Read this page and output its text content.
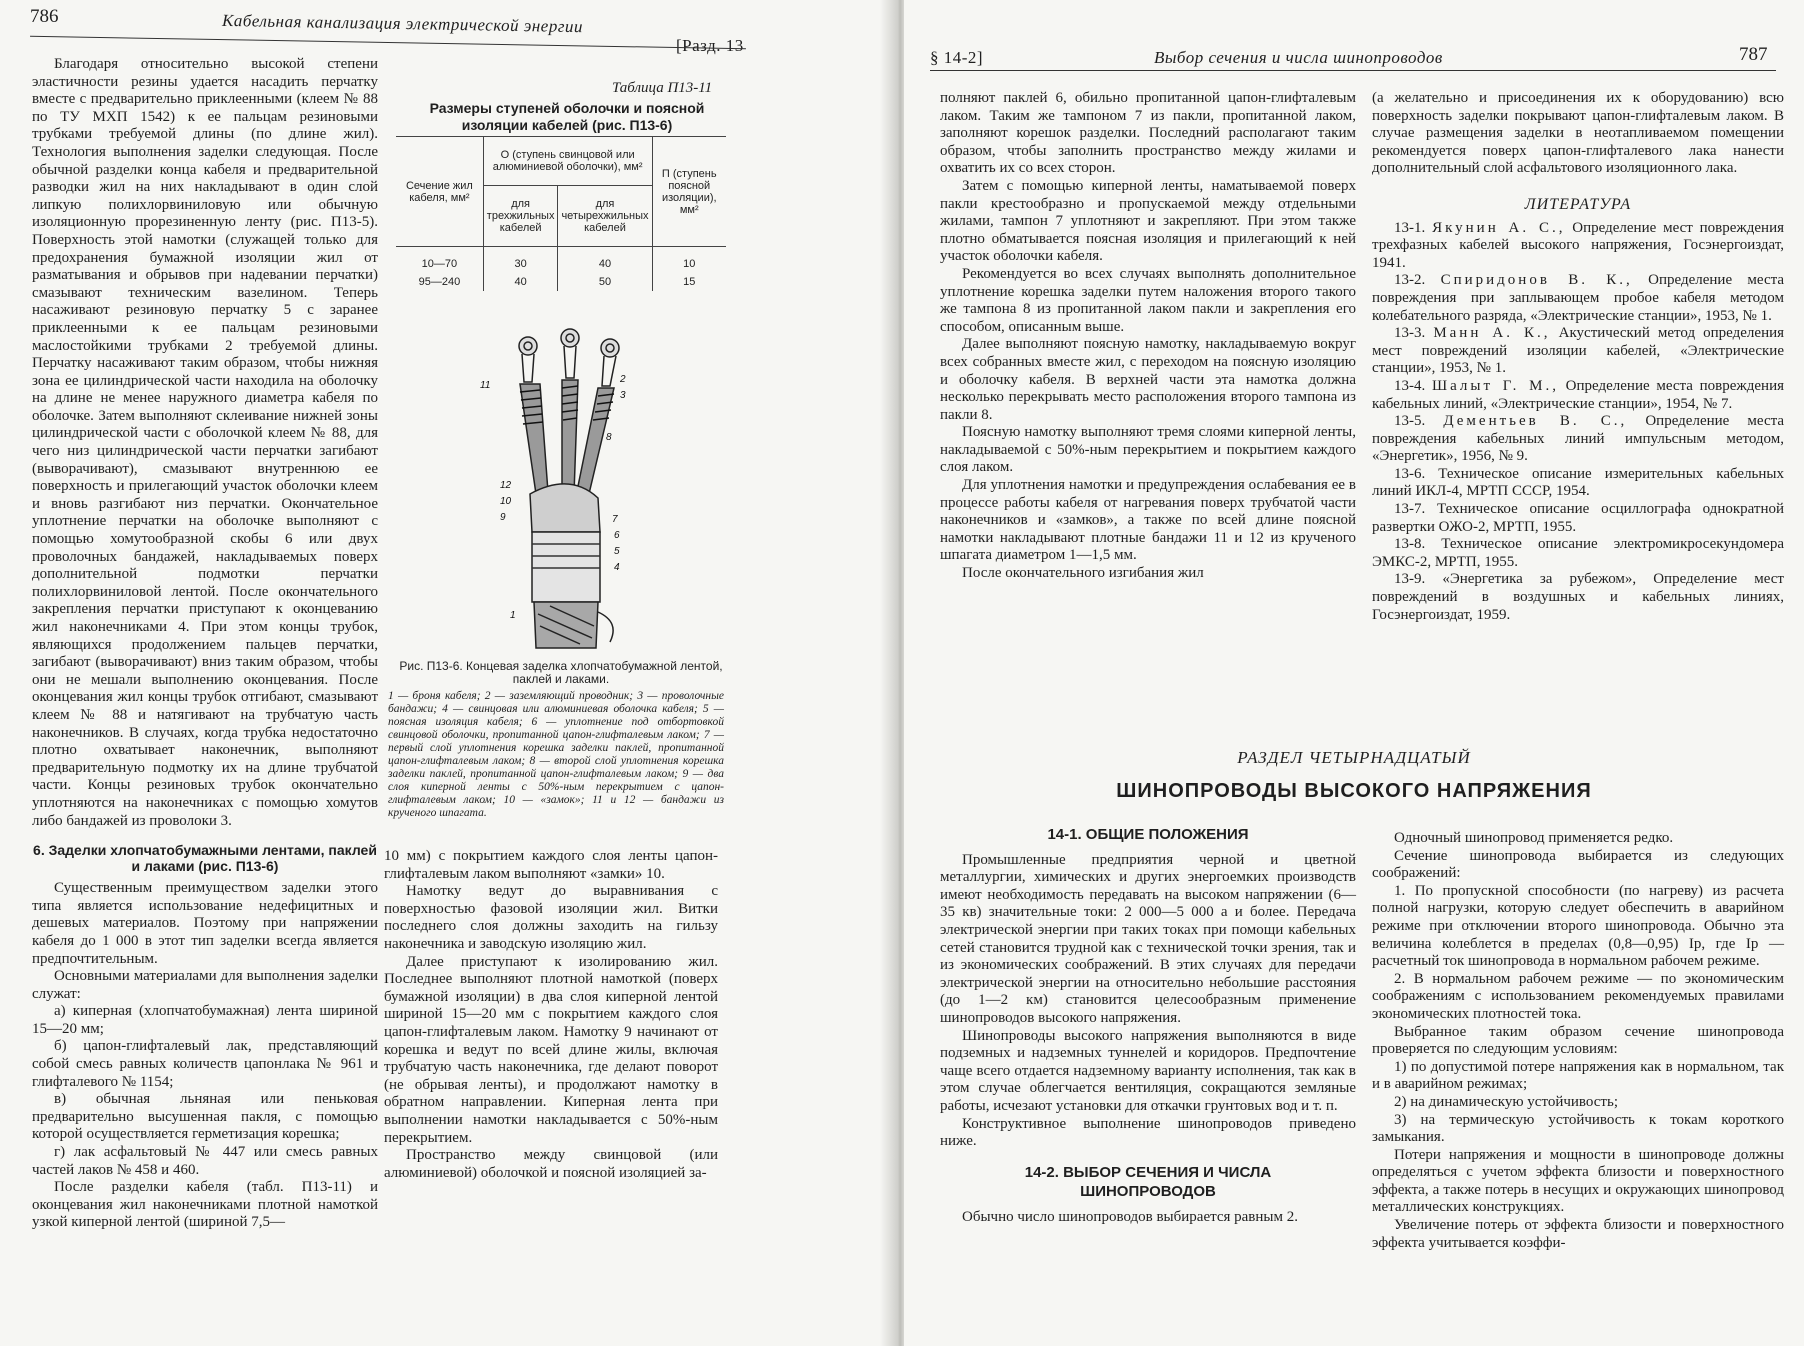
786	Кабельная канализация электрической энергии
[Разд. 13

Благодаря относительно высокой степени эластичности резины удается насадить перчатку вместе с предварительно приклеенными (клеем № 88 по ТУ МХП 1542) к ее пальцам резиновыми трубками требуемой длины (по длине жил). Технология выполнения заделки следующая. После обычной разделки конца кабеля и предварительной разводки жил на них накладывают в один слой липкую полихлорвиниловую или обычную изоляционную прорезиненную ленту (рис. П13-5). Поверхность этой намотки (служащей только для предохранения бумажной изоляции жил от разматывания и обрывов при надевании перчатки) смазывают техническим вазелином. Теперь насаживают резиновую перчатку 5 с заранее приклеенными к ее пальцам резиновыми маслостойкими трубками 2 требуемой длины. Перчатку насаживают таким образом, чтобы нижняя зона ее цилиндрической части находила на оболочку на длине не менее наружного диаметра кабеля по оболочке. Затем выполняют склеивание нижней зоны цилиндрической части с оболочкой клеем № 88, для чего низ цилиндрической части перчатки загибают (выворачивают), смазывают внутреннюю ее поверхность и прилегающий участок оболочки клеем и вновь разгибают низ перчатки. Окончательное уплотнение перчатки на оболочке выполняют с помощью хомутообразной скобы 6 или двух проволочных бандажей, накладываемых поверх дополнительной подмотки перчатки полихлорвиниловой лентой. После окончательного закрепления перчатки приступают к оконцеванию жил наконечниками 4. При этом концы трубок, являющихся продолжением пальцев перчатки, загибают (выворачивают) вниз таким образом, чтобы они не мешали выполнению оконцевания. После оконцевания жил концы трубок отгибают, смазывают клеем № 88 и натягивают на трубчатую часть наконечников. В случаях, когда трубка недостаточно плотно охватывает наконечник, выполняют предварительную подмотку их на длине трубчатой части. Концы резиновых трубок окончательно уплотняются на наконечниках с помощью хомутов либо бандажей из проволоки 3.

6. Заделки хлопчатобумажными лентами, паклей и лаками (рис. П13-6)

Существенным преимуществом заделки этого типа является использование недефицитных и дешевых материалов. Поэтому при напряжении кабеля до 1 000 в этот тип заделки всегда является предпочтительным.

Основными материалами для выполнения заделки служат:

а) киперная (хлопчатобумажная) лента шириной 15—20 мм;

б) цапон-глифталевый лак, представляющий собой смесь равных количеств цапонлака № 961 и глифталевого № 1154;

в) обычная льняная или пеньковая предварительно высушенная пакля, с помощью которой осуществляется герметизация корешка;

г) лак асфальтовый № 447 или смесь равных частей лаков № 458 и 460.

После разделки кабеля (табл. П13-11) и оконцевания жил наконечниками плотной намоткой узкой киперной лентой (шириной 7,5—

Таблица П13-11
Размеры ступеней оболочки и поясной изоляции кабелей (рис. П13-6)
Сечение жил кабеля, мм²	О (ступень свинцовой или алюминиевой оболочки), мм²		П (ступень поясной изоляции), мм²
	для трехжильных кабелей	для четырехжильных кабелей	
10—70	30	40	10
95—240	40	50	15
11
2
3
12
10
9
8
7
6
5
4
1
Рис. П13-6. Концевая заделка хлопчатобумажной лентой, паклей и лаками.
1 — броня кабеля; 2 — заземляющий проводник; 3 — проволочные бандажи; 4 — свинцовая или алюминиевая оболочка кабеля; 5 — поясная изоляция кабеля; 6 — уплотнение под отбортовкой свинцовой оболочки, пропитанной цапон-глифталевым лаком; 7 — первый слой уплотнения корешка заделки паклей, пропитанной цапон-глифталевым лаком; 8 — второй слой уплотнения корешка заделки паклей, пропитанной цапон-глифталевым лаком; 9 — два слоя киперной ленты с 50%-ным перекрытием с цапон-глифталевым лаком; 10 — «замок»; 11 и 12 — бандажи из крученого шпагата.

10 мм) с покрытием каждого слоя ленты цапон-глифталевым лаком выполняют «замки» 10.

Намотку ведут до выравнивания с поверхностью фазовой изоляции жил. Витки последнего слоя должны заходить на гильзу наконечника и заводскую изоляцию жил.

Далее приступают к изолированию жил. Последнее выполняют плотной намоткой (поверх бумажной изоляции) в два слоя киперной лентой шириной 15—20 мм с покрытием каждого слоя цапон-глифталевым лаком. Намотку 9 начинают от корешка и ведут по всей длине жилы, включая трубчатую часть наконечника, где делают поворот (не обрывая ленты), и продолжают намотку в обратном направлении. Киперная лента при выполнении намотки накладывается с 50%-ным перекрытием.

Пространство между свинцовой (или алюминиевой) оболочкой и поясной изоляцией за-

§ 14-2]	Выбор сечения и числа шинопроводов	787

полняют паклей 6, обильно пропитанной цапон-глифталевым лаком. Таким же тампоном 7 из пакли, пропитанной лаком, заполняют корешок разделки. Последний располагают таким образом, чтобы заполнить пространство между жилами и охватить их со всех сторон.

Затем с помощью киперной ленты, наматываемой поверх пакли крестообразно и пропускаемой между отдельными жилами, тампон 7 уплотняют и закрепляют. При этом также плотно обматывается поясная изоляция и прилегающий к ней участок оболочки кабеля.

Рекомендуется во всех случаях выполнять дополнительное уплотнение корешка заделки путем наложения второго такого же тампона 8 из пропитанной лаком пакли и закрепления его способом, описанным выше.

Далее выполняют поясную намотку, накладываемую вокруг всех собранных вместе жил, с переходом на поясную изоляцию и оболочку кабеля. В верхней части эта намотка должна несколько перекрывать место расположения второго тампона из пакли 8.

Поясную намотку выполняют тремя слоями киперной ленты, накладываемой с 50%-ным перекрытием и покрытием каждого слоя лаком.

Для уплотнения намотки и предупреждения ослабевания ее в процессе работы кабеля от нагревания поверх трубчатой части наконечников и «замков», а также по всей длине поясной намотки накладывают плотные бандажи 11 и 12 из крученого шпагата диаметром 1—1,5 мм.

После окончательного изгибания жил

(а желательно и присоединения их к оборудованию) всю поверхность заделки покрывают цапон-глифталевым лаком. В случае размещения заделки в неотапливаемом помещении рекомендуется поверх цапон-глифталевого лака нанести дополнительный слой асфальтового изоляционного лака.

ЛИТЕРАТУРА

13-1. Якунин А. С., Определение мест повреждения трехфазных кабелей высокого напряжения, Госэнергоиздат, 1941.

13-2. Спиридонов В. К., Определение места повреждения при заплывающем пробое кабеля методом колебательного разряда, «Электрические станции», 1953, № 1.

13-3. Манн А. К., Акустический метод определения мест повреждений изоляции кабелей, «Электрические станции», 1953, № 1.

13-4. Шалыт Г. М., Определение места повреждения кабельных линий, «Электрические станции», 1954, № 7.

13-5. Дементьев В. С., Определение места повреждения кабельных линий импульсным методом, «Энергетик», 1956, № 9.

13-6. Техническое описание измерительных кабельных линий ИКЛ-4, МРТП СССР, 1954.

13-7. Техническое описание осциллографа однократной развертки ОЖО-2, МРТП, 1955.

13-8. Техническое описание электромикросекундомера ЭМКС-2, МРТП, 1955.

13-9. «Энергетика за рубежом», Определение мест повреждений в воздушных и кабельных линиях, Госэнергоиздат, 1959.

РАЗДЕЛ ЧЕТЫРНАДЦАТЫЙ
ШИНОПРОВОДЫ ВЫСОКОГО НАПРЯЖЕНИЯ
14-1. ОБЩИЕ ПОЛОЖЕНИЯ

Промышленные предприятия черной и цветной металлургии, химических и других энергоемких производств имеют необходимость передавать на высоком напряжении (6—35 кв) значительные токи: 2 000—5 000 а и более. Передача электрической энергии при таких токах при помощи кабельных сетей становится трудной как с технической точки зрения, так и из экономических соображений. В этих случаях для передачи электрической энергии на относительно небольшие расстояния (до 1—2 км) становится целесообразным применение шинопроводов высокого напряжения.

Шинопроводы высокого напряжения выполняются в виде подземных и надземных туннелей и коридоров. Предпочтение чаще всего отдается надземному варианту исполнения, так как в этом случае облегчается вентиляция, сокращаются земляные работы, исчезают установки для откачки грунтовых вод и т. п.

Конструктивное выполнение шинопроводов приведено ниже.

14-2. ВЫБОР СЕЧЕНИЯ И ЧИСЛА ШИНОПРОВОДОВ

Обычно число шинопроводов выбирается равным 2.

Одночный шинопровод применяется редко.

Сечение шинопровода выбирается из следующих соображений:

1. По пропускной способности (по нагреву) из расчета полной нагрузки, которую следует обеспечить в аварийном режиме при отключении второго шинопровода. Обычно эта величина колеблется в пределах (0,8—0,95) Iр, где Iр — расчетный ток шинопровода в нормальном рабочем режиме.

2. В нормальном рабочем режиме — по экономическим соображениям с использованием рекомендуемых правилами экономических плотностей тока.

Выбранное таким образом сечение шинопровода проверяется по следующим условиям:

1) по допустимой потере напряжения как в нормальном, так и в аварийном режимах;

2) на динамическую устойчивость;

3) на термическую устойчивость к токам короткого замыкания.

Потери напряжения и мощности в шинопроводе должны определяться с учетом эффекта близости и поверхностного эффекта, а также потерь в несущих и окружающих шинопровод металлических конструкциях.

Увеличение потерь от эффекта близости и поверхностного эффекта учитывается коэффи-
